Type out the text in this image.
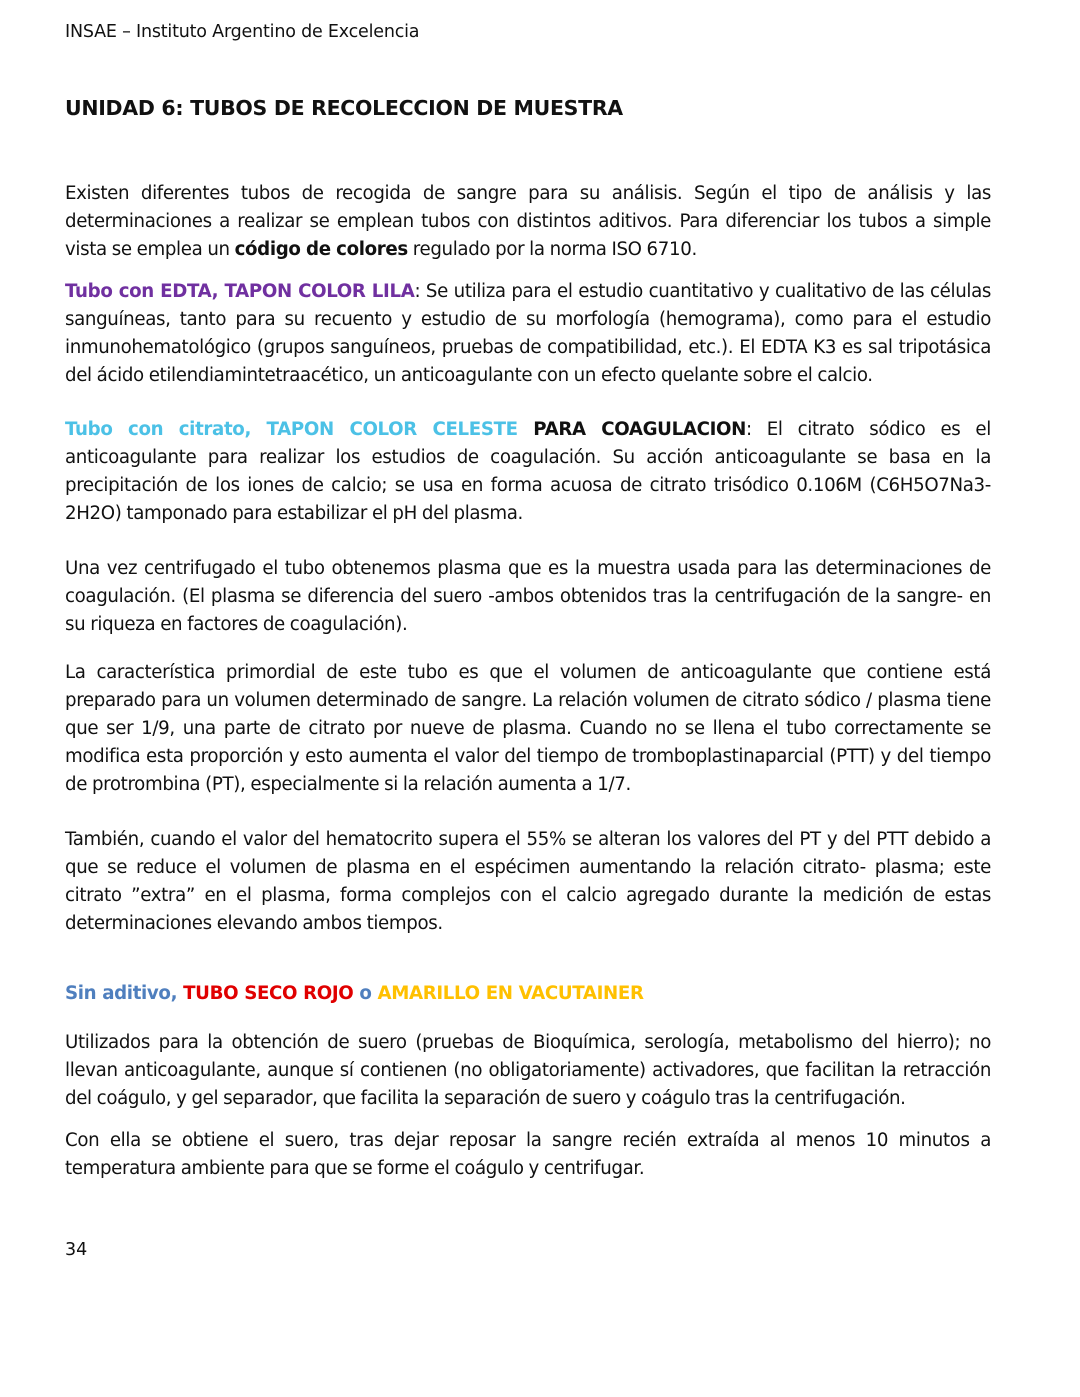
INSAE – Instituto Argentino de Excelencia
UNIDAD 6: TUBOS DE RECOLECCION DE MUESTRA

Existen diferentes tubos de recogida de sangre para su análisis. Según el tipo de análisis y las determinaciones a realizar se emplean tubos con distintos aditivos. Para diferenciar los tubos a simple vista se emplea un código de colores regulado por la norma ISO 6710.

Tubo con EDTA, TAPON COLOR LILA: Se utiliza para el estudio cuantitativo y cualitativo de las células sanguíneas, tanto para su recuento y estudio de su morfología (hemograma), como para el estudio inmunohematológico (grupos sanguíneos, pruebas de compatibilidad, etc.). El EDTA K3 es sal tripotásica del ácido etilendiamintetraacético, un anticoagulante con un efecto quelante sobre el calcio.

Tubo con citrato, TAPON COLOR CELESTE PARA COAGULACION: El citrato sódico es el anticoagulante para realizar los estudios de coagulación. Su acción anticoagulante se basa en la precipitación de los iones de calcio; se usa en forma acuosa de citrato trisódico 0.106M (C6H5O7Na3-2H2O) tamponado para estabilizar el pH del plasma.

Una vez centrifugado el tubo obtenemos plasma que es la muestra usada para las determinaciones de coagulación. (El plasma se diferencia del suero -ambos obtenidos tras la centrifugación de la sangre- en su riqueza en factores de coagulación).

La característica primordial de este tubo es que el volumen de anticoagulante que contiene está preparado para un volumen determinado de sangre. La relación volumen de citrato sódico / plasma tiene que ser 1/9, una parte de citrato por nueve de plasma. Cuando no se llena el tubo correctamente se modifica esta proporción y esto aumenta el valor del tiempo de tromboplastinaparcial (PTT) y del tiempo de protrombina (PT), especialmente si la relación aumenta a 1/7.

También, cuando el valor del hematocrito supera el 55% se alteran los valores del PT y del PTT debido a que se reduce el volumen de plasma en el espécimen aumentando la relación citrato- plasma; este citrato ”extra” en el plasma, forma complejos con el calcio agregado durante la medición de estas determinaciones elevando ambos tiempos.

Sin aditivo, TUBO SECO ROJO o AMARILLO EN VACUTAINER

Utilizados para la obtención de suero (pruebas de Bioquímica, serología, metabolismo del hierro); no llevan anticoagulante, aunque sí contienen (no obligatoriamente) activadores, que facilitan la retracción del coágulo, y gel separador, que facilita la separación de suero y coágulo tras la centrifugación.

Con ella se obtiene el suero, tras dejar reposar la sangre recién extraída al menos 10 minutos a temperatura ambiente para que se forme el coágulo y centrifugar.

34
